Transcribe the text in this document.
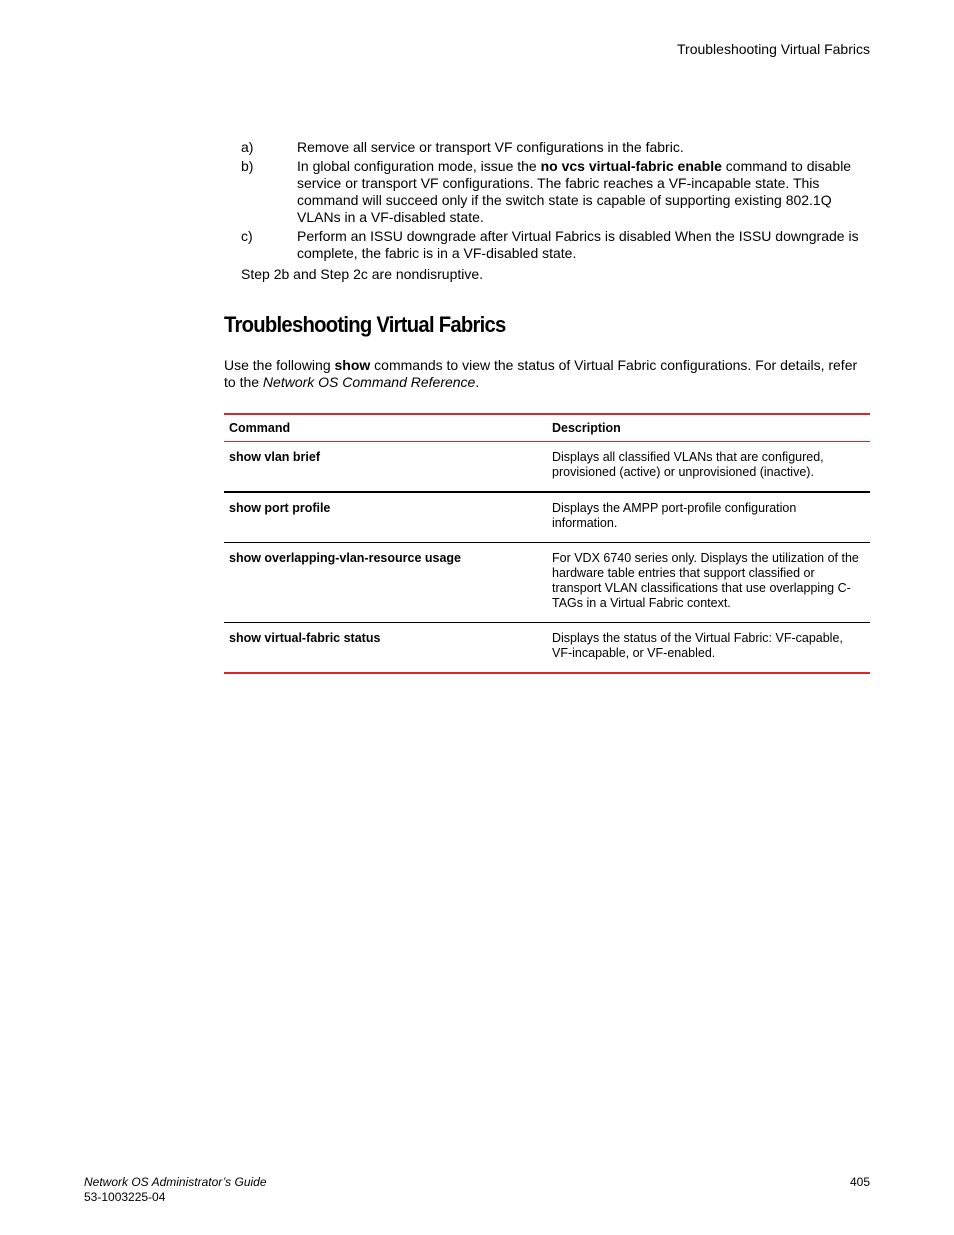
Troubleshooting Virtual Fabrics
a)	Remove all service or transport VF configurations in the fabric.
b)	In global configuration mode, issue the no vcs virtual-fabric enable command to disable service or transport VF configurations. The fabric reaches a VF-incapable state. This command will succeed only if the switch state is capable of supporting existing 802.1Q VLANs in a VF-disabled state.
c)	Perform an ISSU downgrade after Virtual Fabrics is disabled When the ISSU downgrade is complete, the fabric is in a VF-disabled state.
Step 2b and Step 2c are nondisruptive.
Troubleshooting Virtual Fabrics

Use the following show commands to view the status of Virtual Fabric configurations. For details, refer to the Network OS Command Reference.

Command	Description
show vlan brief	Displays all classified VLANs that are configured, provisioned (active) or unprovisioned (inactive).
show port profile	Displays the AMPP port-profile configuration information.
show overlapping-vlan-resource usage	For VDX 6740 series only. Displays the utilization of the hardware table entries that support classified or transport VLAN classifications that use overlapping C-TAGs in a Virtual Fabric context.
show virtual-fabric status	Displays the status of the Virtual Fabric: VF-capable, VF-incapable, or VF-enabled.
Network OS Administrator’s Guide
53-1003225-04
405
